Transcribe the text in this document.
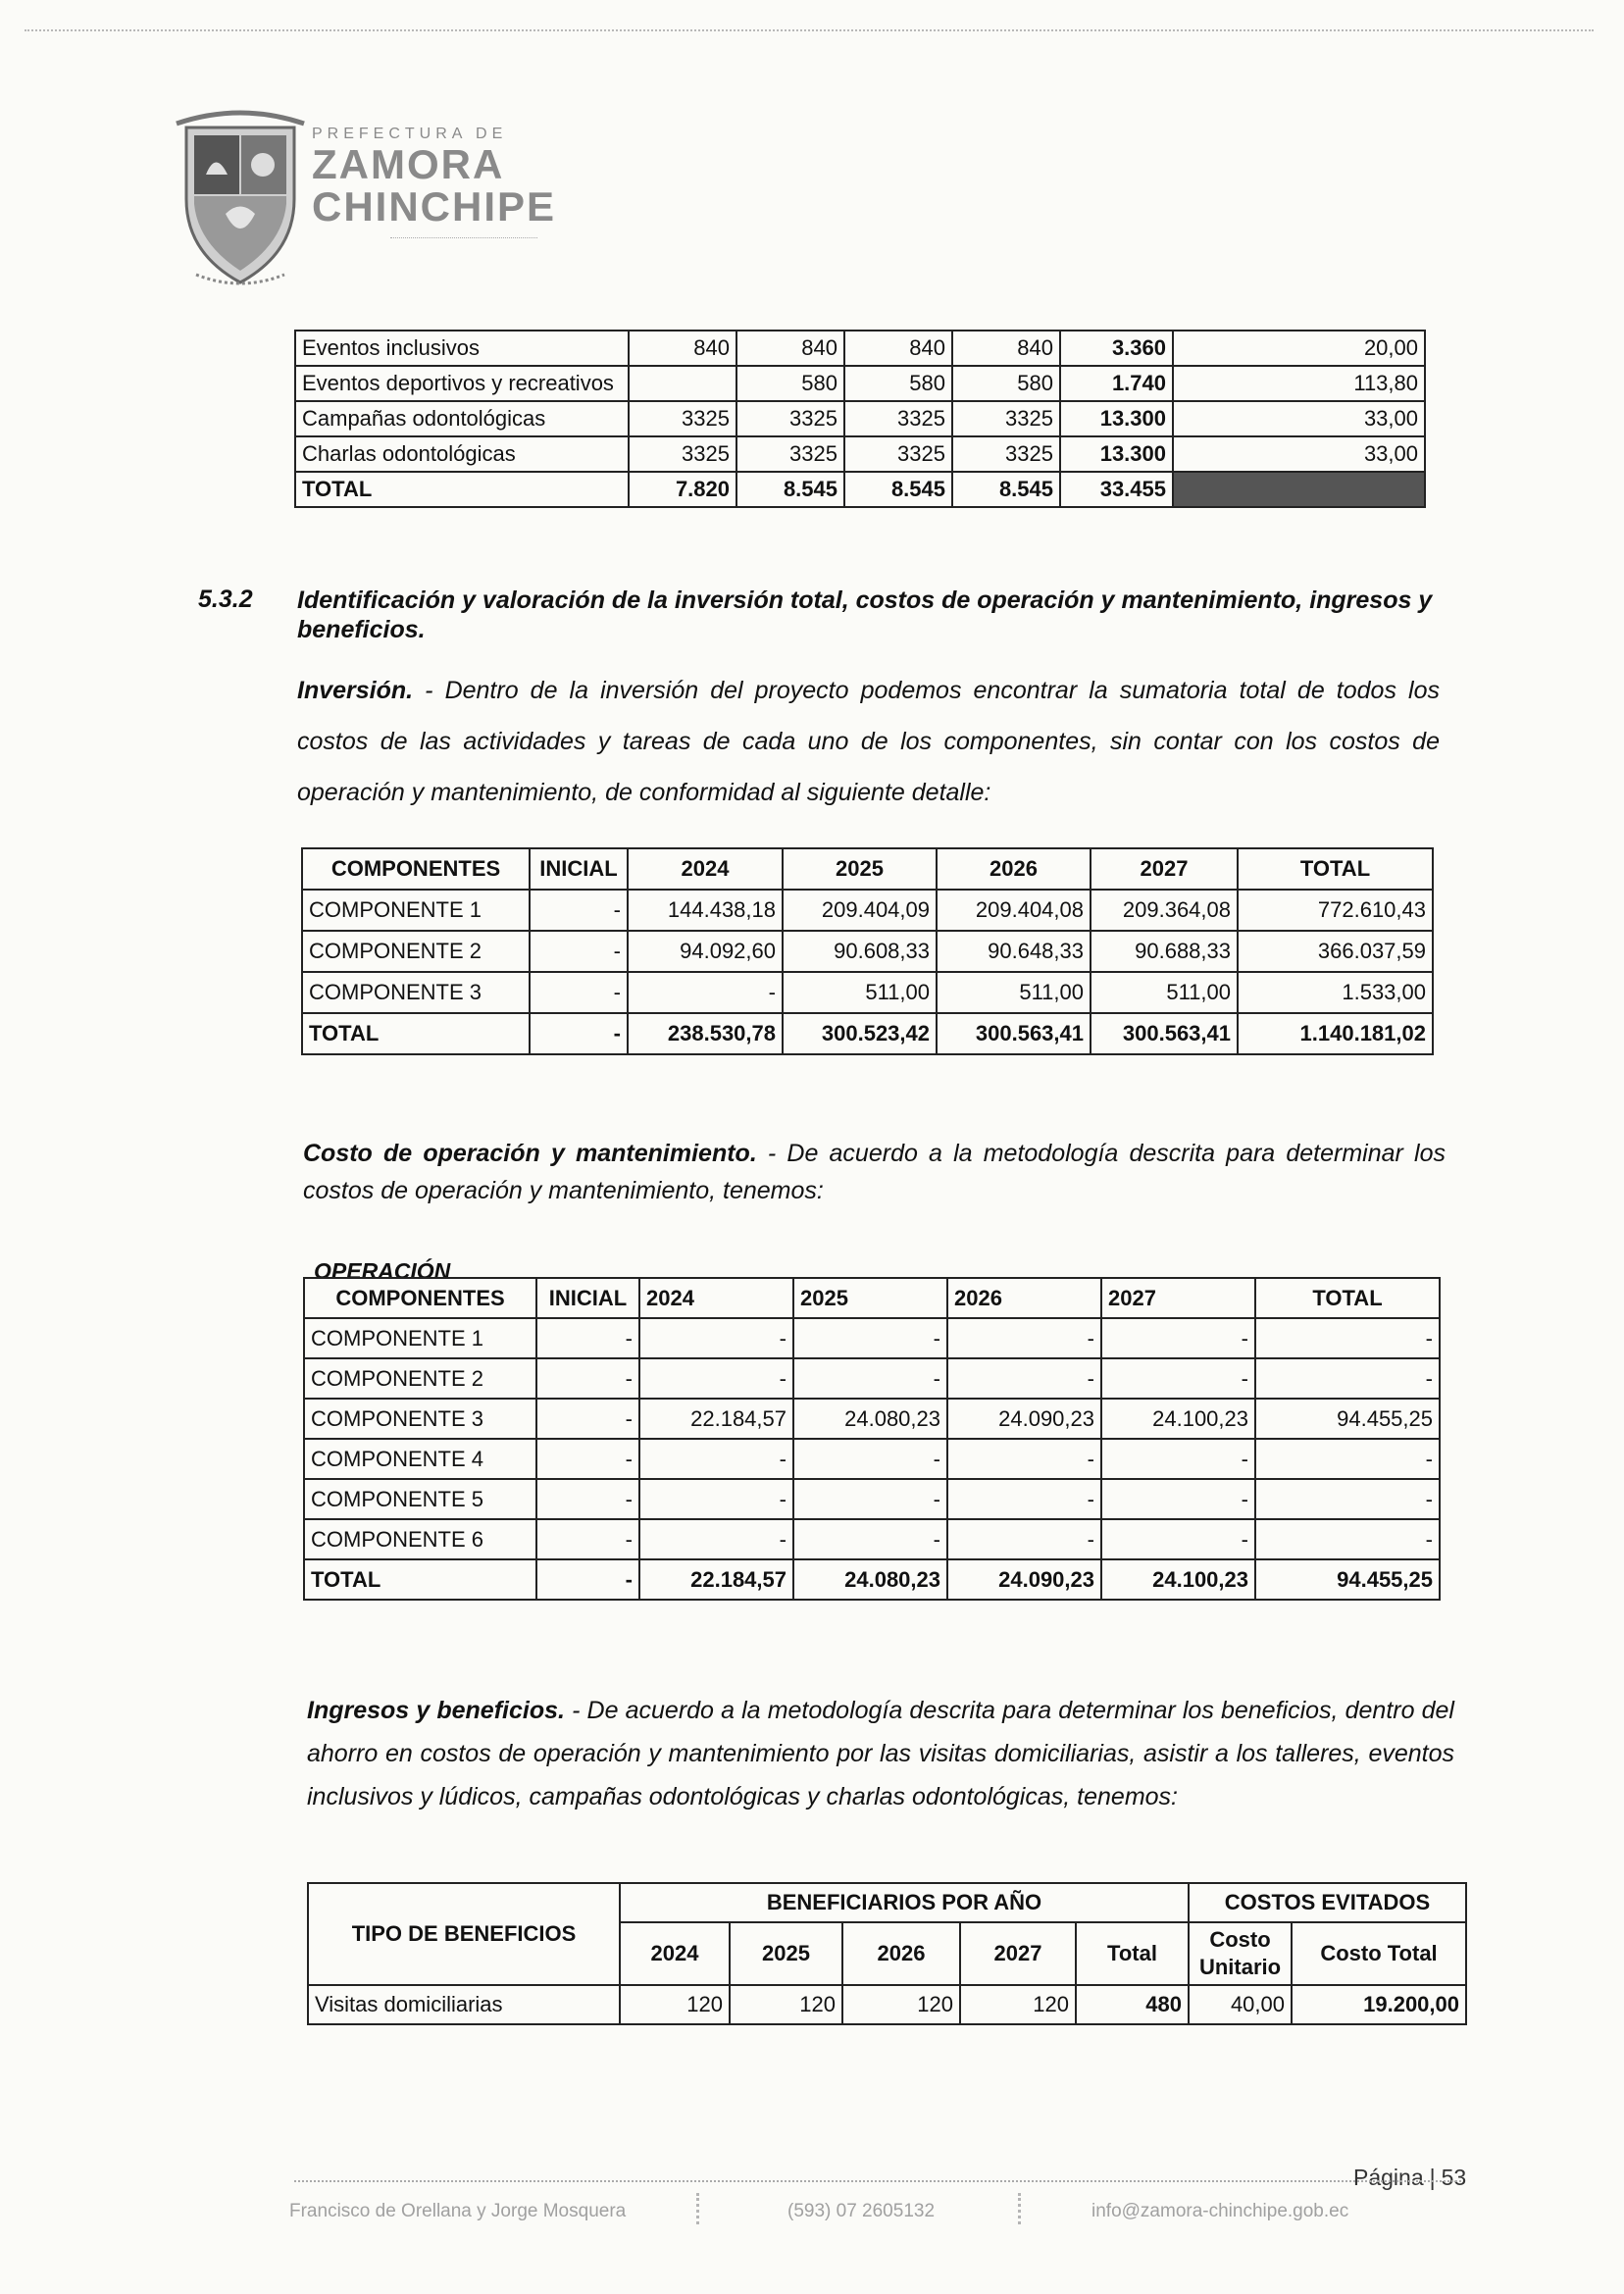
PREFECTURA DE
ZAMORA
CHINCHIPE
Eventos inclusivos	840	840	840	840	3.360	20,00
Eventos deportivos y recreativos		580	580	580	1.740	113,80
Campañas odontológicas	3325	3325	3325	3325	13.300	33,00
Charlas odontológicas	3325	3325	3325	3325	13.300	33,00
TOTAL	7.820	8.545	8.545	8.545	33.455	
5.3.2 Identificación y valoración de la inversión total, costos de operación y mantenimiento, ingresos y beneficios.
Inversión. - Dentro de la inversión del proyecto podemos encontrar la sumatoria total de todos los costos de las actividades y tareas de cada uno de los componentes, sin contar con los costos de operación y mantenimiento, de conformidad al siguiente detalle:
COMPONENTES	INICIAL	2024	2025	2026	2027	TOTAL
COMPONENTE 1	-	144.438,18	209.404,09	209.404,08	209.364,08	772.610,43
COMPONENTE 2	-	94.092,60	90.608,33	90.648,33	90.688,33	366.037,59
COMPONENTE 3	-	-	511,00	511,00	511,00	1.533,00
TOTAL	-	238.530,78	300.523,42	300.563,41	300.563,41	1.140.181,02
Costo de operación y mantenimiento. - De acuerdo a la metodología descrita para determinar los costos de operación y mantenimiento, tenemos:
OPERACIÓN
COMPONENTES	INICIAL	2024	2025	2026	2027	TOTAL
COMPONENTE 1	-	-	-	-	-	-
COMPONENTE 2	-	-	-	-	-	-
COMPONENTE 3	-	22.184,57	24.080,23	24.090,23	24.100,23	94.455,25
COMPONENTE 4	-	-	-	-	-	-
COMPONENTE 5	-	-	-	-	-	-
COMPONENTE 6	-	-	-	-	-	-
TOTAL	-	22.184,57	24.080,23	24.090,23	24.100,23	94.455,25
Ingresos y beneficios. - De acuerdo a la metodología descrita para determinar los beneficios, dentro del ahorro en costos de operación y mantenimiento por las visitas domiciliarias, asistir a los talleres, eventos inclusivos y lúdicos, campañas odontológicas y charlas odontológicas, tenemos:
TIPO DE BENEFICIOS	BENEFICIARIOS POR AÑO					COSTOS EVITADOS	
	2024	2025	2026	2027	Total	Costo Unitario	Costo Total
Visitas domiciliarias	120	120	120	120	480	40,00	19.200,00
Página | 53
Francisco de Orellana y Jorge Mosquera	(593) 07 2605132	info@zamora-chinchipe.gob.ec
